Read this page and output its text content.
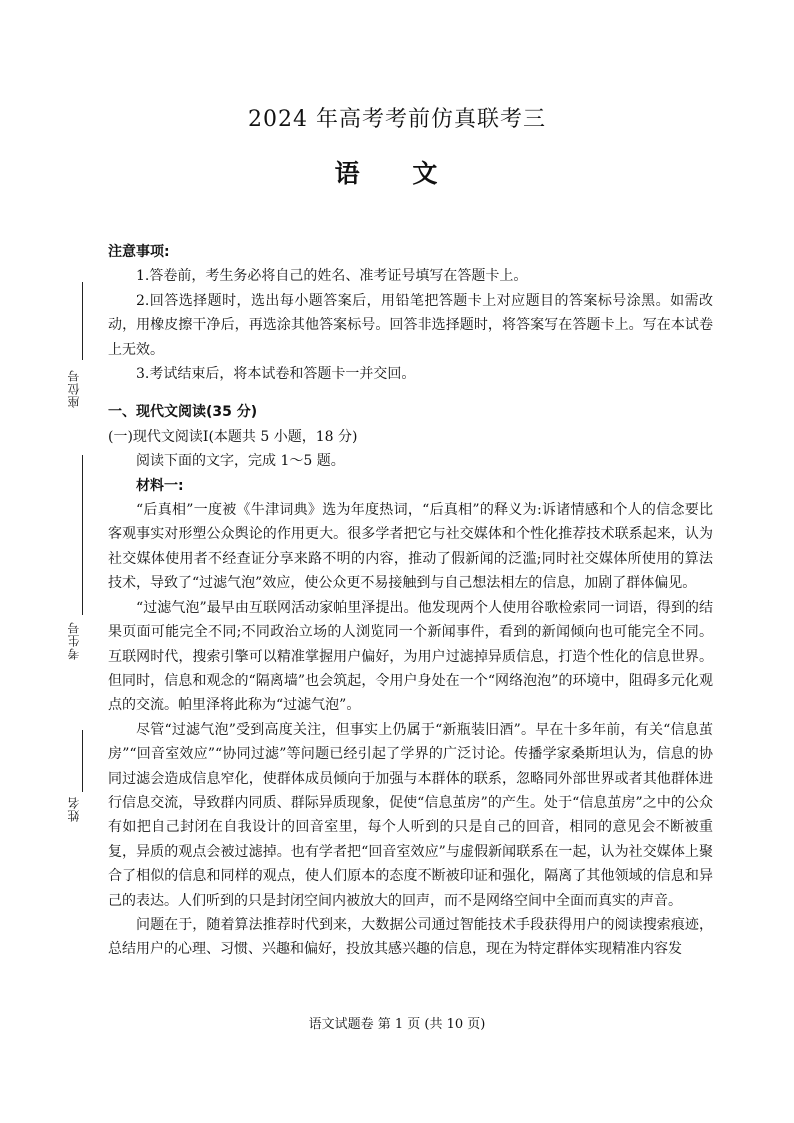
座位号
考生号
姓名
2024 年高考考前仿真联考三
语 文

注意事项:

1.答卷前，考生务必将自己的姓名、准考证号填写在答题卡上。

2.回答选择题时，选出每小题答案后，用铅笔把答题卡上对应题目的答案标号涂黑。如需改动，用橡皮擦干净后，再选涂其他答案标号。回答非选择题时，将答案写在答题卡上。写在本试卷上无效。

3.考试结束后，将本试卷和答题卡一并交回。

一、现代文阅读(35 分)

(一)现代文阅读Ⅰ(本题共 5 小题，18 分)

阅读下面的文字，完成 1～5 题。

材料一:

“后真相”一度被《牛津词典》选为年度热词，“后真相”的释义为:诉诸情感和个人的信念要比客观事实对形塑公众舆论的作用更大。很多学者把它与社交媒体和个性化推荐技术联系起来，认为社交媒体使用者不经查证分享来路不明的内容，推动了假新闻的泛滥;同时社交媒体所使用的算法技术，导致了“过滤气泡”效应，使公众更不易接触到与自己想法相左的信息，加剧了群体偏见。

“过滤气泡”最早由互联网活动家帕里泽提出。他发现两个人使用谷歌检索同一词语，得到的结果页面可能完全不同;不同政治立场的人浏览同一个新闻事件，看到的新闻倾向也可能完全不同。互联网时代，搜索引擎可以精准掌握用户偏好，为用户过滤掉异质信息，打造个性化的信息世界。但同时，信息和观念的“隔离墙”也会筑起，令用户身处在一个“网络泡泡”的环境中，阻碍多元化观点的交流。帕里泽将此称为“过滤气泡”。

尽管“过滤气泡”受到高度关注，但事实上仍属于“新瓶装旧酒”。早在十多年前，有关“信息茧房”“回音室效应”“协同过滤”等问题已经引起了学界的广泛讨论。传播学家桑斯坦认为，信息的协同过滤会造成信息窄化，使群体成员倾向于加强与本群体的联系，忽略同外部世界或者其他群体进行信息交流，导致群内同质、群际异质现象，促使“信息茧房”的产生。处于“信息茧房”之中的公众有如把自己封闭在自我设计的回音室里，每个人听到的只是自己的回音，相同的意见会不断被重复，异质的观点会被过滤掉。也有学者把“回音室效应”与虚假新闻联系在一起，认为社交媒体上聚合了相似的信息和同样的观点，使人们原本的态度不断被印证和强化，隔离了其他领域的信息和异己的表达。人们听到的只是封闭空间内被放大的回声，而不是网络空间中全面而真实的声音。

问题在于，随着算法推荐时代到来，大数据公司通过智能技术手段获得用户的阅读搜索痕迹，总结用户的心理、习惯、兴趣和偏好，投放其感兴趣的信息，现在为特定群体实现精准内容发

语文试题卷 第 1 页 (共 10 页)
